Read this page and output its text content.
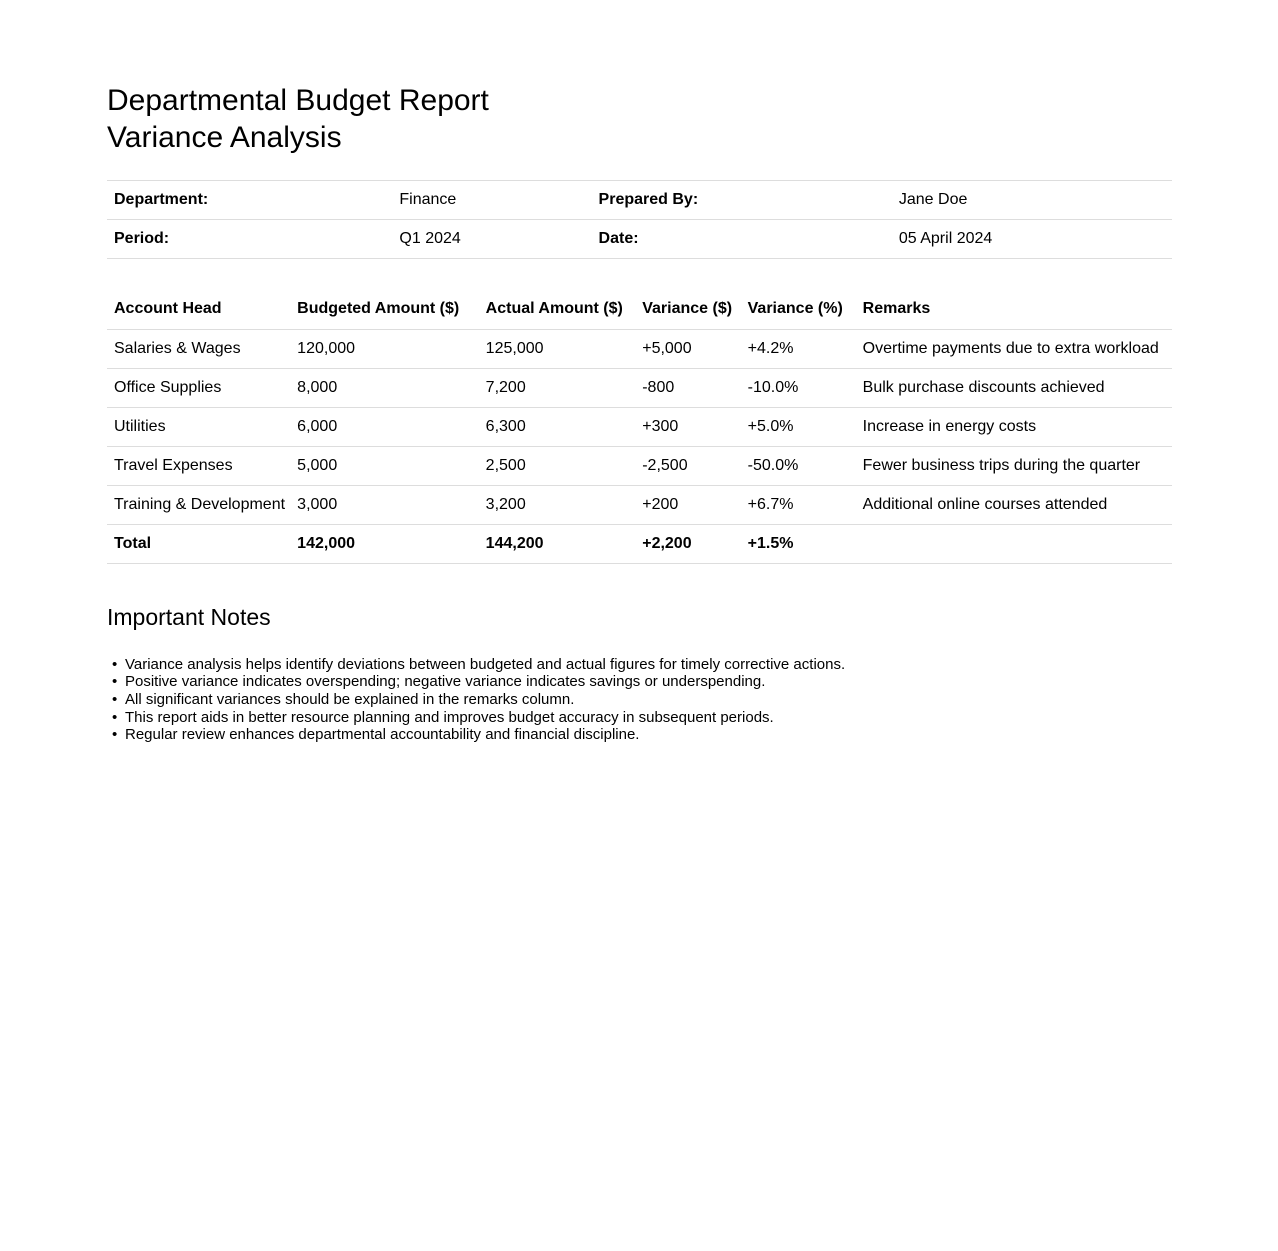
Departmental Budget Report
Variance Analysis
Department:	Finance	Prepared By:	Jane Doe
Period:	Q1 2024	Date:	05 April 2024
Account Head	Budgeted Amount ($)	Actual Amount ($)	Variance ($)	Variance (%)	Remarks
Salaries & Wages	120,000	125,000	+5,000	+4.2%	Overtime payments due to extra workload
Office Supplies	8,000	7,200	-800	-10.0%	Bulk purchase discounts achieved
Utilities	6,000	6,300	+300	+5.0%	Increase in energy costs
Travel Expenses	5,000	2,500	-2,500	-50.0%	Fewer business trips during the quarter
Training & Development	3,000	3,200	+200	+6.7%	Additional online courses attended
Total	142,000	144,200	+2,200	+1.5%	
Important Notes
• Variance analysis helps identify deviations between budgeted and actual figures for timely corrective actions.
• Positive variance indicates overspending; negative variance indicates savings or underspending.
• All significant variances should be explained in the remarks column.
• This report aids in better resource planning and improves budget accuracy in subsequent periods.
• Regular review enhances departmental accountability and financial discipline.
